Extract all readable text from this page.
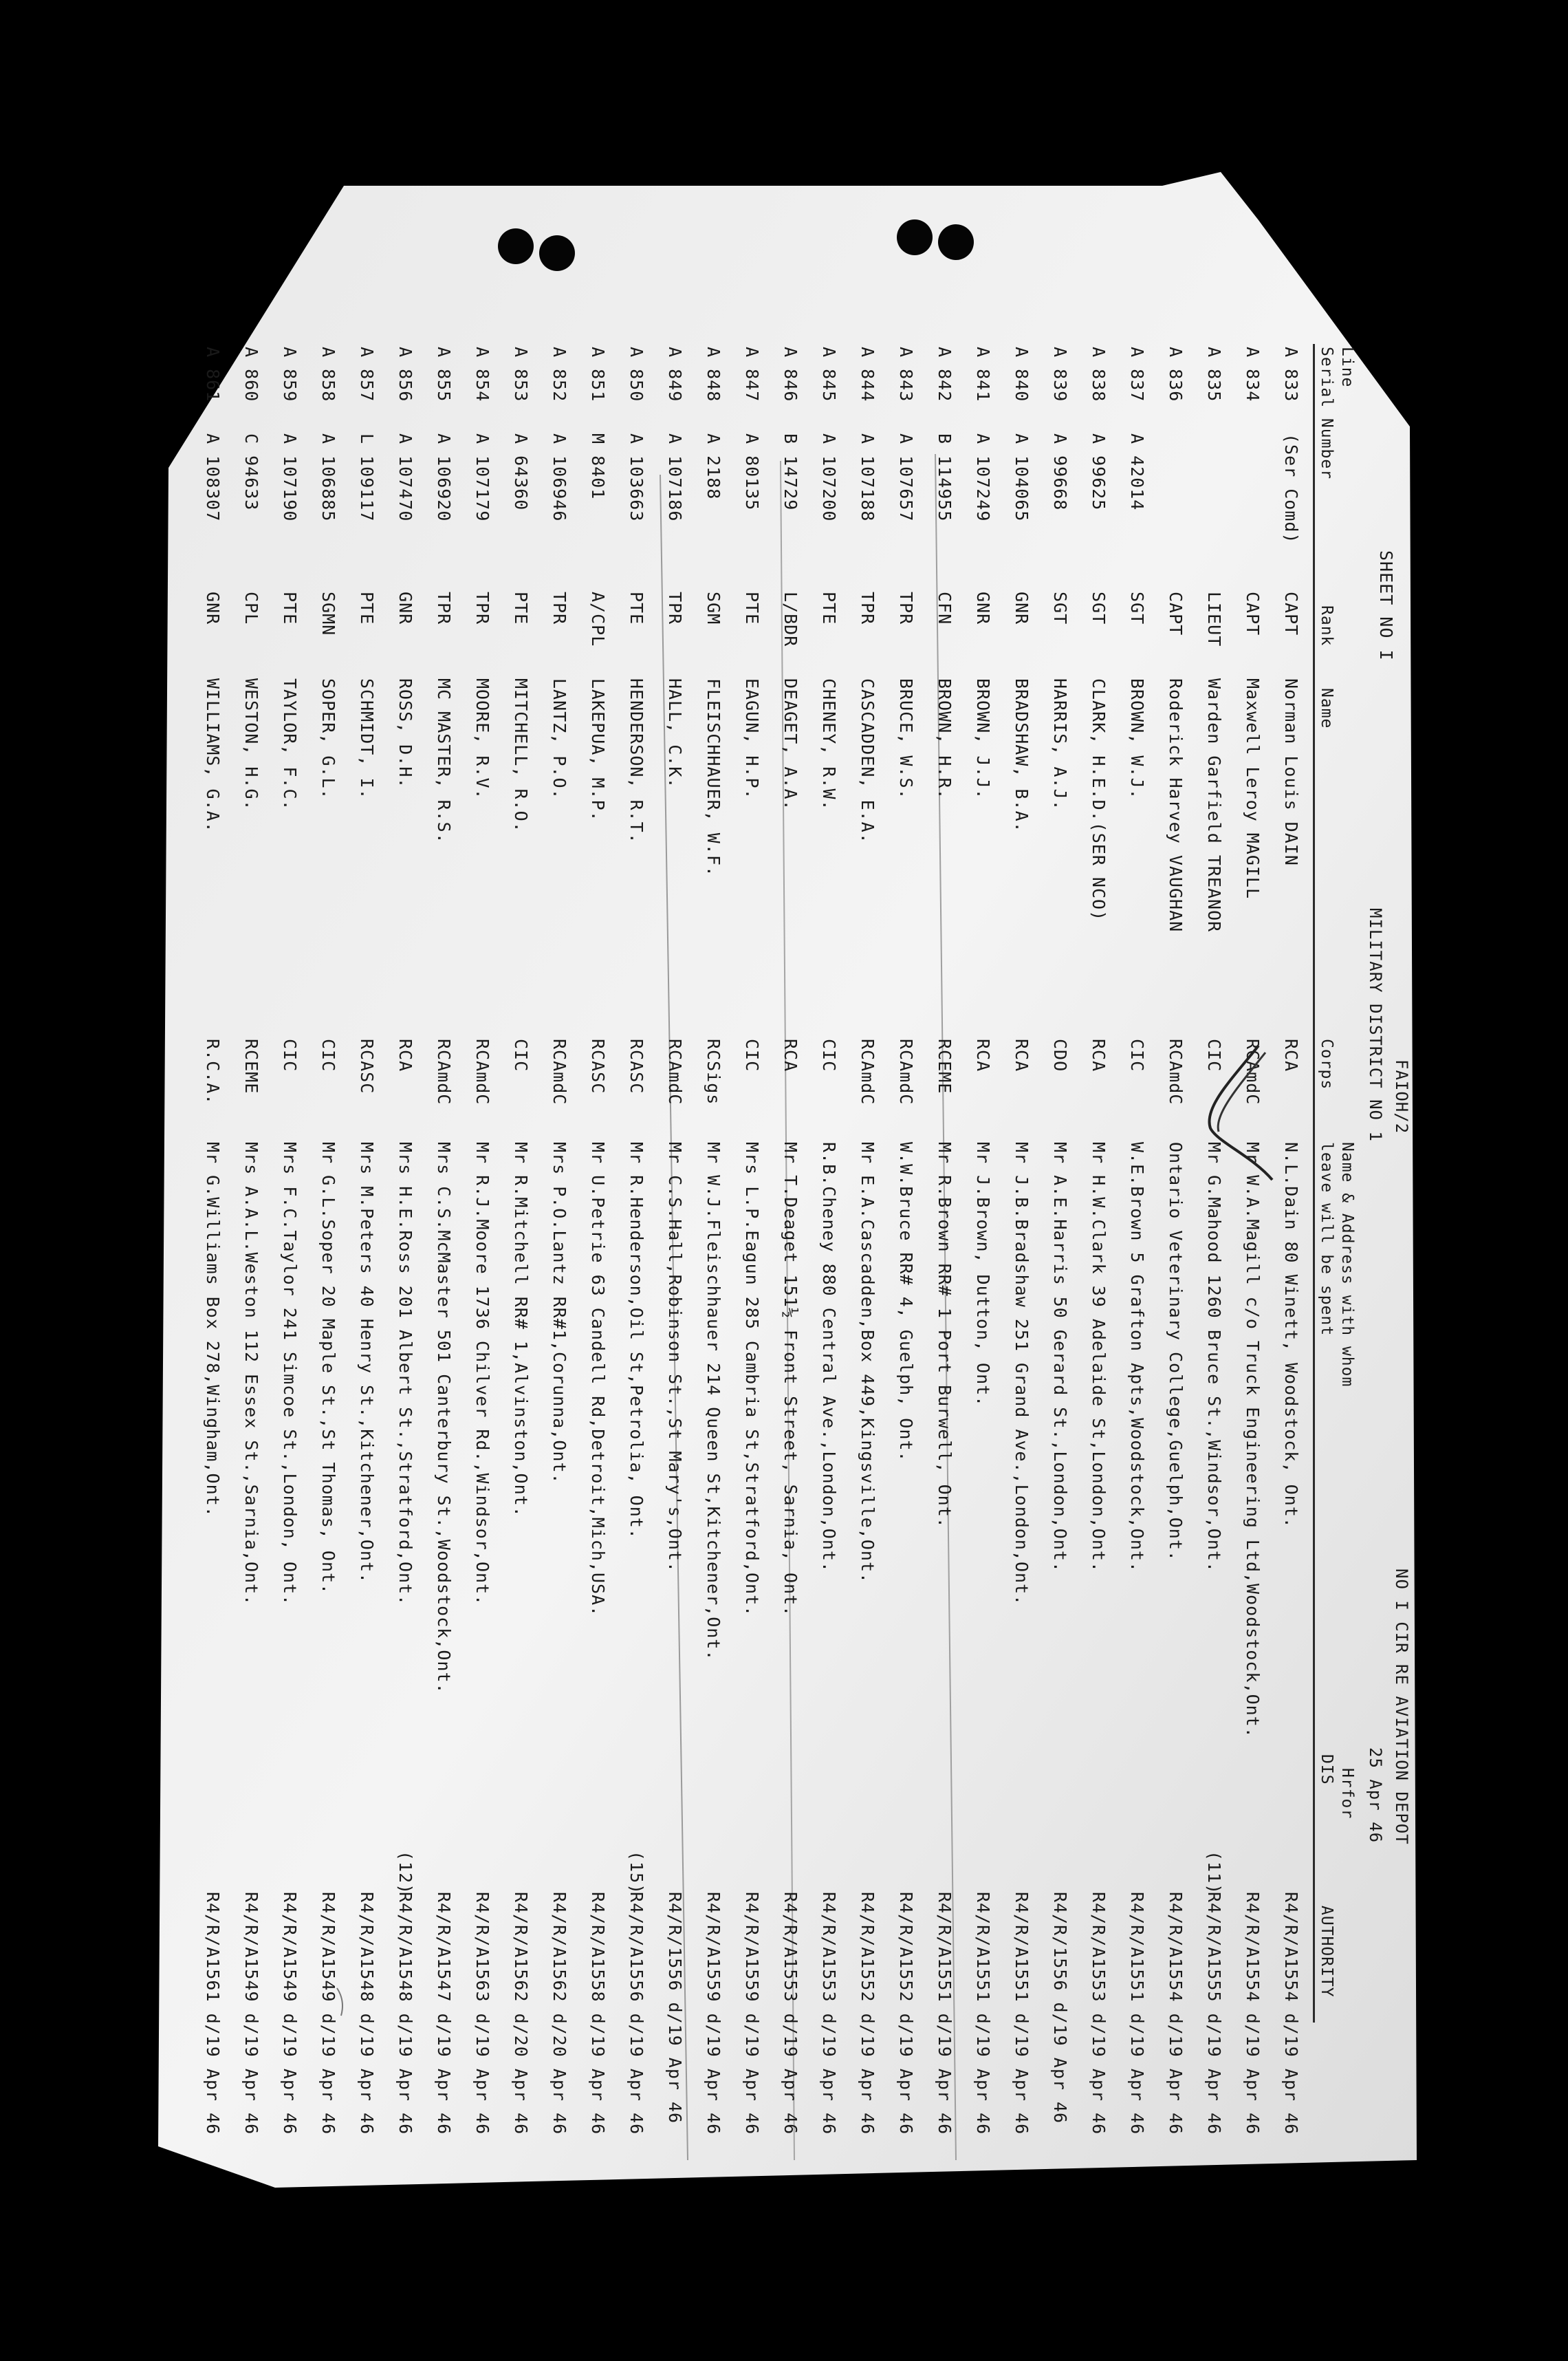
SHEET NO I
FAIOH/2
MILITARY DISTRICT NO 1
NO I CIR RE AVIATION DEPOT
25 Apr 46
Line
Serial Number
Rank
Name
Corps
Name & Address with whom
leave will be spent
Hrfor
DIS
AUTHORITY
A 833
(Ser Comd)
CAPT
Norman Louis DAIN
RCA
N.L.Dain 80 Winett, Woodstock, Ont.
R4/R/A1554 d/19 Apr 46
A 834
CAPT
Maxwell Leroy MAGILL
RCAmdC
Mr W.A.Magill c/o Truck Engineering Ltd,Woodstock,Ont.
R4/R/A1554 d/19 Apr 46
A 835
LIEUT
Warden Garfield TREANOR
CIC
Mr G.Mahood 1260 Bruce St.,Windsor,Ont.
(11)
R4/R/A1555 d/19 Apr 46
A 836
CAPT
Roderick Harvey VAUGHAN
RCAmdC
Ontario Veterinary College,Guelph,Ont.
R4/R/A1554 d/19 Apr 46
A 837
A 42014
SGT
BROWN, W.J.
CIC
W.E.Brown 5 Grafton Apts,Woodstock,Ont.
R4/R/A1551 d/19 Apr 46
A 838
A 99625
SGT
CLARK, H.E.D.(SER NCO)
RCA
Mr H.W.Clark 39 Adelaide St,London,Ont.
R4/R/A1553 d/19 Apr 46
A 839
A 99668
SGT
HARRIS, A.J.
CDO
Mr A.E.Harris 50 Gerard St.,London,Ont.
R4/R/1556 d/19 Apr 46
A 840
A 104065
GNR
BRADSHAW, B.A.
RCA
Mr J.B.Bradshaw 251 Grand Ave.,London,Ont.
R4/R/A1551 d/19 Apr 46
A 841
A 107249
GNR
BROWN, J.J.
RCA
Mr J.Brown, Dutton, Ont.
R4/R/A1551 d/19 Apr 46
A 842
B 114955
CFN
BROWN, H.R.
RCEME
Mr R.Brown RR# 1 Port Burwell, Ont.
R4/R/A1551 d/19 Apr 46
A 843
A 107657
TPR
BRUCE, W.S.
RCAmdC
W.W.Bruce RR# 4, Guelph, Ont.
R4/R/A1552 d/19 Apr 46
A 844
A 107188
TPR
CASCADDEN, E.A.
RCAmdC
Mr E.A.Cascadden,Box 449,Kingsville,Ont.
R4/R/A1552 d/19 Apr 46
A 845
A 107200
PTE
CHENEY, R.W.
CIC
R.B.Cheney 880 Central Ave.,London,Ont.
R4/R/A1553 d/19 Apr 46
A 846
B 14729
L/BDR
DEAGET, A.A.
RCA
Mr T.Deaget 151½ Front Street, Sarnia, Ont.
R4/R/A1553 d/19 Apr 46
A 847
A 80135
PTE
EAGUN, H.P.
CIC
Mrs L.P.Eagun 285 Cambria St,Stratford,Ont.
R4/R/A1559 d/19 Apr 46
A 848
A 2188
SGM
FLEISCHHAUER, W.F.
RCSigs
Mr W.J.Fleischhauer 214 Queen St,Kitchener,Ont.
R4/R/A1559 d/19 Apr 46
A 849
A 107186
TPR
HALL, C.K.
RCAmdC
Mr C.S.Hall,Robinson St.,St Mary's,Ont.
R4/R/1556 d/19 Apr 46
A 850
A 103663
PTE
HENDERSON, R.T.
RCASC
Mr R.Henderson,Oil St,Petrolia, Ont.
(15)
R4/R/A1556 d/19 Apr 46
A 851
M 8401
A/CPL
LAKEPUA, M.P.
RCASC
Mr U.Petrie 63 Candell Rd,Detroit,Mich,USA.
R4/R/A1558 d/19 Apr 46
A 852
A 106946
TPR
LANTZ, P.O.
RCAmdC
Mrs P.O.Lantz RR#1,Corunna,Ont.
R4/R/A1562 d/20 Apr 46
A 853
A 64360
PTE
MITCHELL, R.O.
CIC
Mr R.Mitchell RR# 1,Alvinston,Ont.
R4/R/A1562 d/20 Apr 46
A 854
A 107179
TPR
MOORE, R.V.
RCAmdC
Mr R.J.Moore 1736 Chilver Rd.,Windsor,Ont.
R4/R/A1563 d/19 Apr 46
A 855
A 106920
TPR
MC MASTER, R.S.
RCAmdC
Mrs C.S.McMaster 501 Canterbury St.,Woodstock,Ont.
R4/R/A1547 d/19 Apr 46
A 856
A 107470
GNR
ROSS, D.H.
RCA
Mrs H.E.Ross 201 Albert St.,Stratford,Ont.
(12)
R4/R/A1548 d/19 Apr 46
A 857
L 109117
PTE
SCHMIDT, I.
RCASC
Mrs M.Peters 40 Henry St.,Kitchener,Ont.
R4/R/A1548 d/19 Apr 46
A 858
A 106885
SGMN
SOPER, G.L.
CIC
Mr G.L.Soper 20 Maple St.,St Thomas, Ont.
R4/R/A1549 d/19 Apr 46
A 859
A 107190
PTE
TAYLOR, F.C.
CIC
Mrs F.C.Taylor 241 Simcoe St.,London, Ont.
R4/R/A1549 d/19 Apr 46
A 860
C 94633
CPL
WESTON, H.G.
RCEME
Mrs A.A.L.Weston 112 Essex St.,Sarnia,Ont.
R4/R/A1549 d/19 Apr 46
A 861
A 108307
GNR
WILLIAMS, G.A.
R.C.A.
Mr G.Williams Box 278,Wingham,Ont.
R4/R/A1561 d/19 Apr 46
